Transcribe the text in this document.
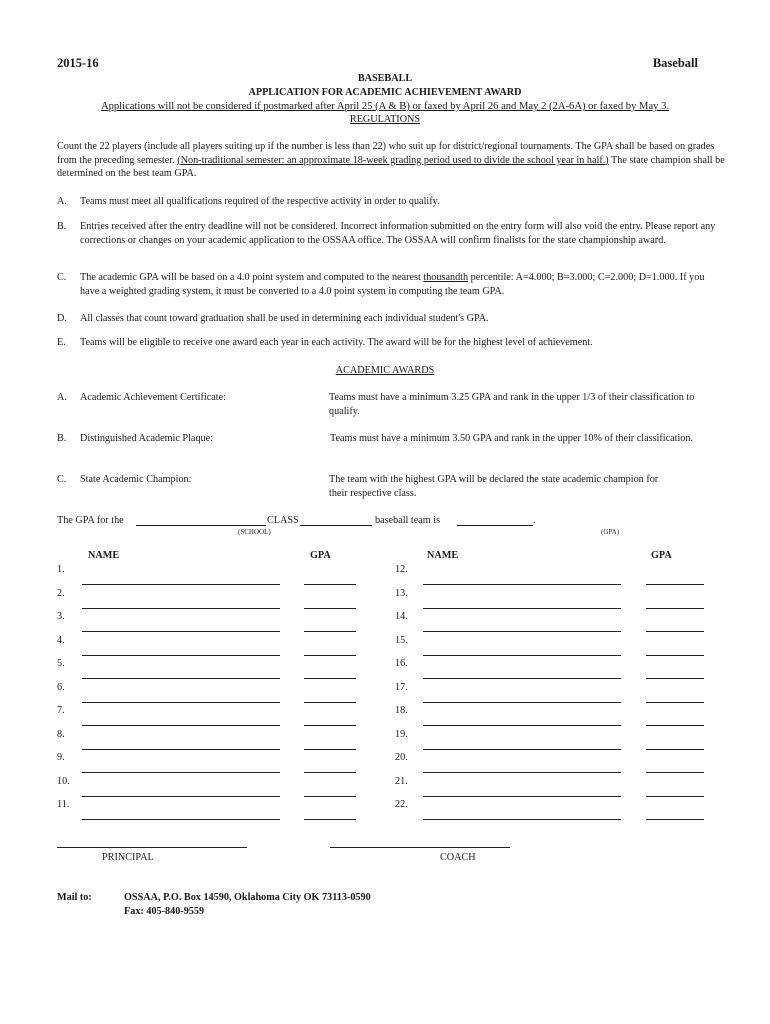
2015-16	Baseball
BASEBALL
APPLICATION FOR ACADEMIC ACHIEVEMENT AWARD
Applications will not be considered if postmarked after April 25 (A & B) or faxed by April 26 and May 2 (2A-6A) or faxed by May 3.
REGULATIONS
Count the 22 players (include all players suiting up if the number is less than 22) who suit up for district/regional tournaments. The GPA shall be based on grades from the preceding semester. (Non-traditional semester: an approximate 18-week grading period used to divide the school year in half.) The state champion shall be determined on the best team GPA.
A. Teams must meet all qualifications required of the respective activity in order to qualify.
B. Entries received after the entry deadline will not be considered. Incorrect information submitted on the entry form will also void the entry. Please report any corrections or changes on your academic application to the OSSAA office. The OSSAA will confirm finalists for the state championship award.
C. The academic GPA will be based on a 4.0 point system and computed to the nearest thousandth percentile: A=4.000; B=3.000; C=2.000; D=1.000. If you have a weighted grading system, it must be converted to a 4.0 point system in computing the team GPA.
D. All classes that count toward graduation shall be used in determining each individual student's GPA.
E. Teams will be eligible to receive one award each year in each activity. The award will be for the highest level of achievement.
ACADEMIC AWARDS
A. Academic Achievement Certificate:	Teams must have a minimum 3.25 GPA and rank in the upper 1/3 of their classification to qualify.
B. Distinguished Academic Plaque:	Teams must have a minimum 3.50 GPA and rank in the upper 10% of their classification.
C. State Academic Champion:	The team with the highest GPA will be declared the state academic champion for their respective class.
The GPA for the	CLASS	baseball team is	.
(SCHOOL)	(GPA)
NAME	GPA	NAME	GPA
1.	12.
2.	13.
3.	14.
4.	15.
5.	16.
6.	17.
7.	18.
8.	19.
9.	20.
10.	21.
11.	22.
PRINCIPAL	COACH
Mail to:	OSSAA, P.O. Box 14590, Oklahoma City OK 73113-0590
Fax: 405-840-9559
